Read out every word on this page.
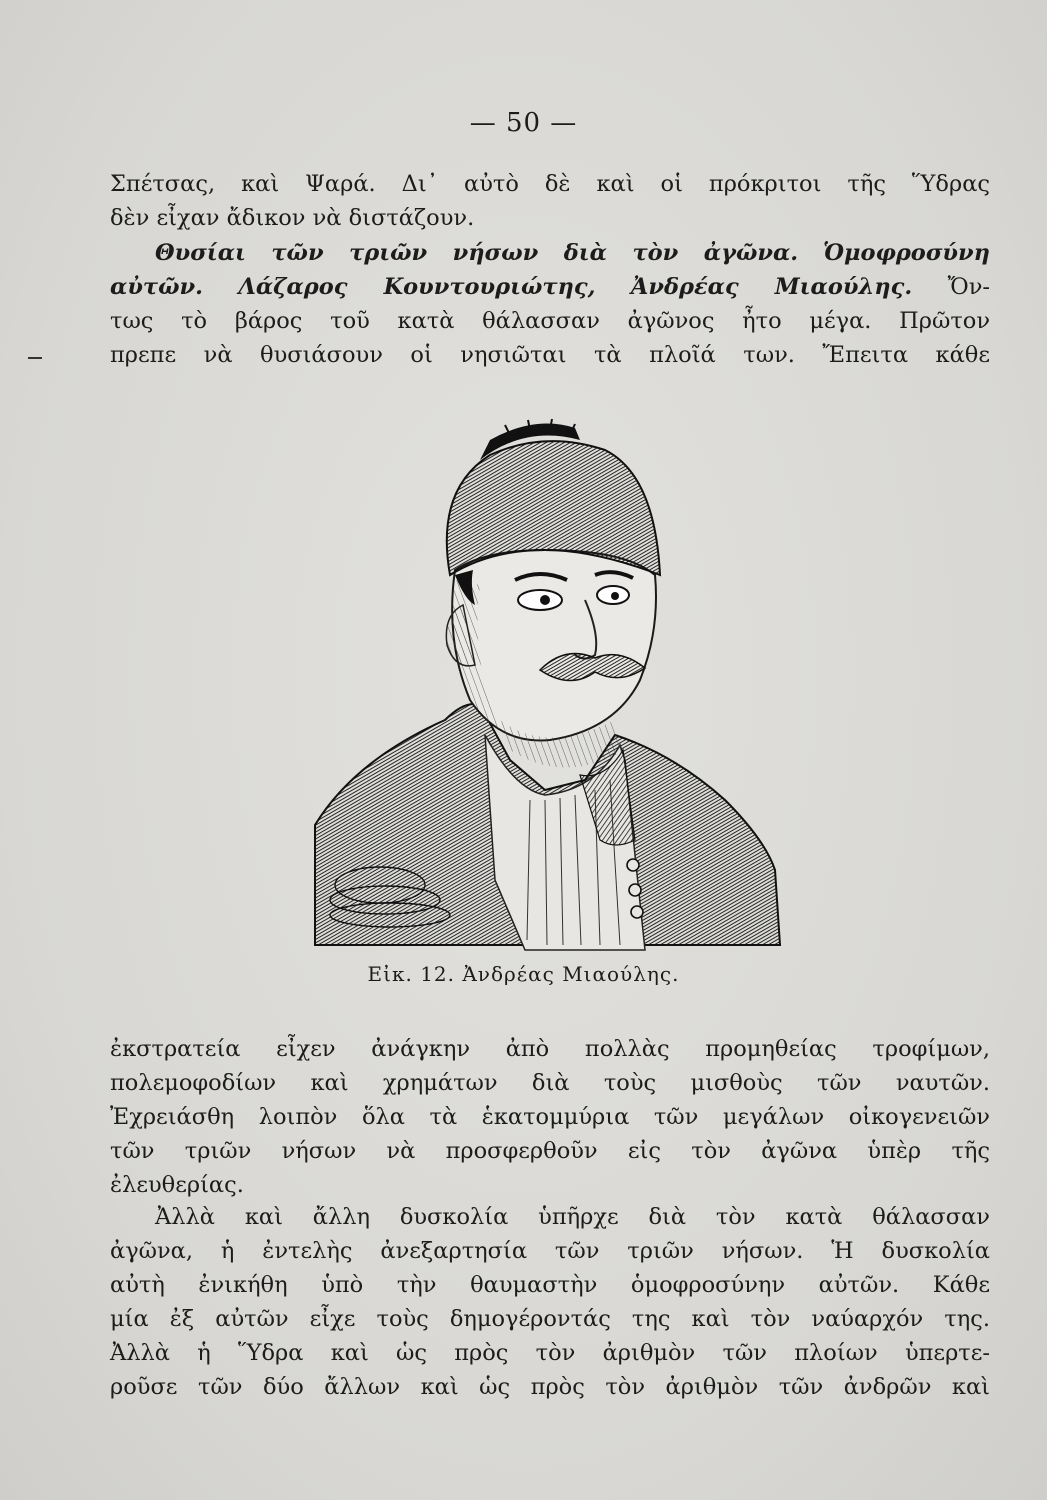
— 50 —
Σπέτσας, καὶ Ψαρά. Δι᾽ αὐτὸ δὲ καὶ οἱ πρόκριτοι τῆς Ὕδρας
δὲν εἶχαν ἄδικον νὰ διστάζουν.
Θυσίαι τῶν τριῶν νήσων διὰ τὸν ἀγῶνα. Ὁμοφροσύνη
αὐτῶν. Λάζαρος Κουντουριώτης, Ἀνδρέας Μιαούλης. Ὄν-
τως τὸ βάρος τοῦ κατὰ θάλασσαν ἀγῶνος ἦτο μέγα. Πρῶτον
πρεπε νὰ θυσιάσουν οἱ νησιῶται τὰ πλοῖά των. Ἔπειτα κάθε
Εἰκ. 12. Ἀνδρέας Μιαούλης.
ἐκστρατεία εἶχεν ἀνάγκην ἀπὸ πολλὰς προμηθείας τροφίμων,
πολεμοφοδίων καὶ χρημάτων διὰ τοὺς μισθοὺς τῶν ναυτῶν.
Ἐχρειάσθη λοιπὸν ὅλα τὰ ἑκατομμύρια τῶν μεγάλων οἰκογενειῶν
τῶν τριῶν νήσων νὰ προσφερθοῦν εἰς τὸν ἀγῶνα ὑπὲρ τῆς
ἐλευθερίας.
Ἀλλὰ καὶ ἄλλη δυσκολία ὑπῆρχε διὰ τὸν κατὰ θάλασσαν
ἀγῶνα, ἡ ἐντελὴς ἀνεξαρτησία τῶν τριῶν νήσων. Ἡ δυσκολία
αὐτὴ ἐνικήθη ὑπὸ τὴν θαυμαστὴν ὁμοφροσύνην αὐτῶν. Κάθε
μία ἐξ αὐτῶν εἶχε τοὺς δημογέροντάς της καὶ τὸν ναύαρχόν της.
Ἀλλὰ ἡ Ὕδρα καὶ ὡς πρὸς τὸν ἀριθμὸν τῶν πλοίων ὑπερτε-
ροῦσε τῶν δύο ἄλλων καὶ ὡς πρὸς τὸν ἀριθμὸν τῶν ἀνδρῶν καὶ
